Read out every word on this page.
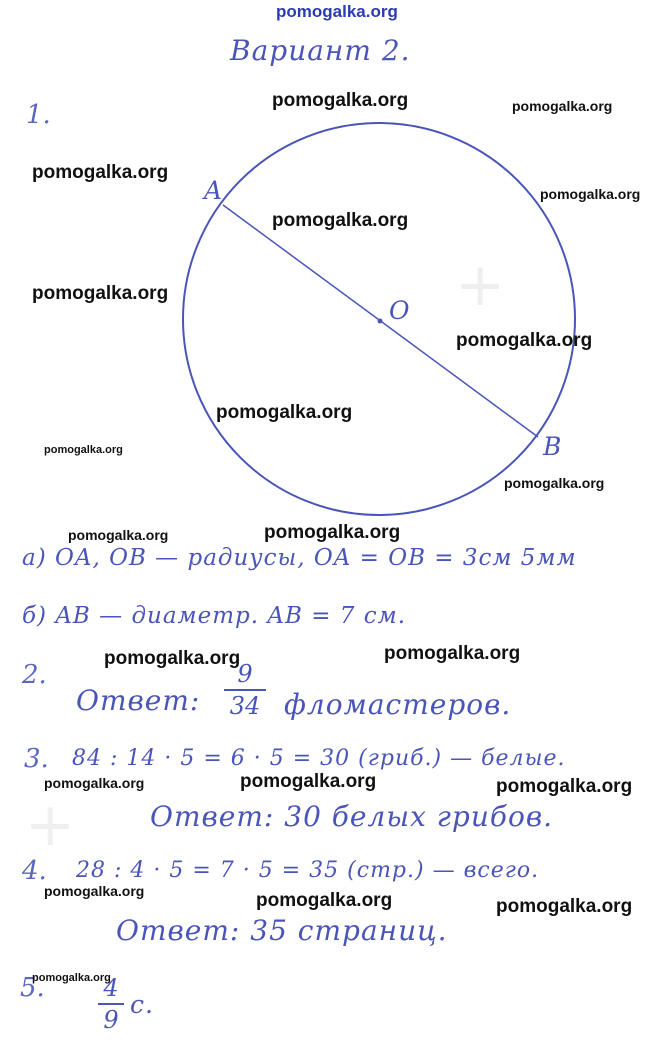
+
+
pomogalka.org
Вариант 2.
1.
A
O
B
а) OA, OB — радиусы, OA = OB = 3см 5мм
б) AB — диаметр. AB = 7 см.
2.
Ответ:
9
34 фломастеров.
3. 84 : 14 · 5 = 6 · 5 = 30 (гриб.) — белые.
Ответ: 30 белых грибов.
4. 28 : 4 · 5 = 7 · 5 = 35 (стр.) — всего.
Ответ: 35 страниц.
5. 4
9
с.
pomogalka.org	pomogalka.org
pomogalka.org
pomogalka.org
pomogalka.org
pomogalka.org
pomogalka.org
pomogalka.org
pomogalka.org
pomogalka.org
pomogalka.org	pomogalka.org
pomogalka.org	pomogalka.org
pomogalka.org	pomogalka.org	pomogalka.org
pomogalka.org	pomogalka.org	pomogalka.org
pomogalka.org
